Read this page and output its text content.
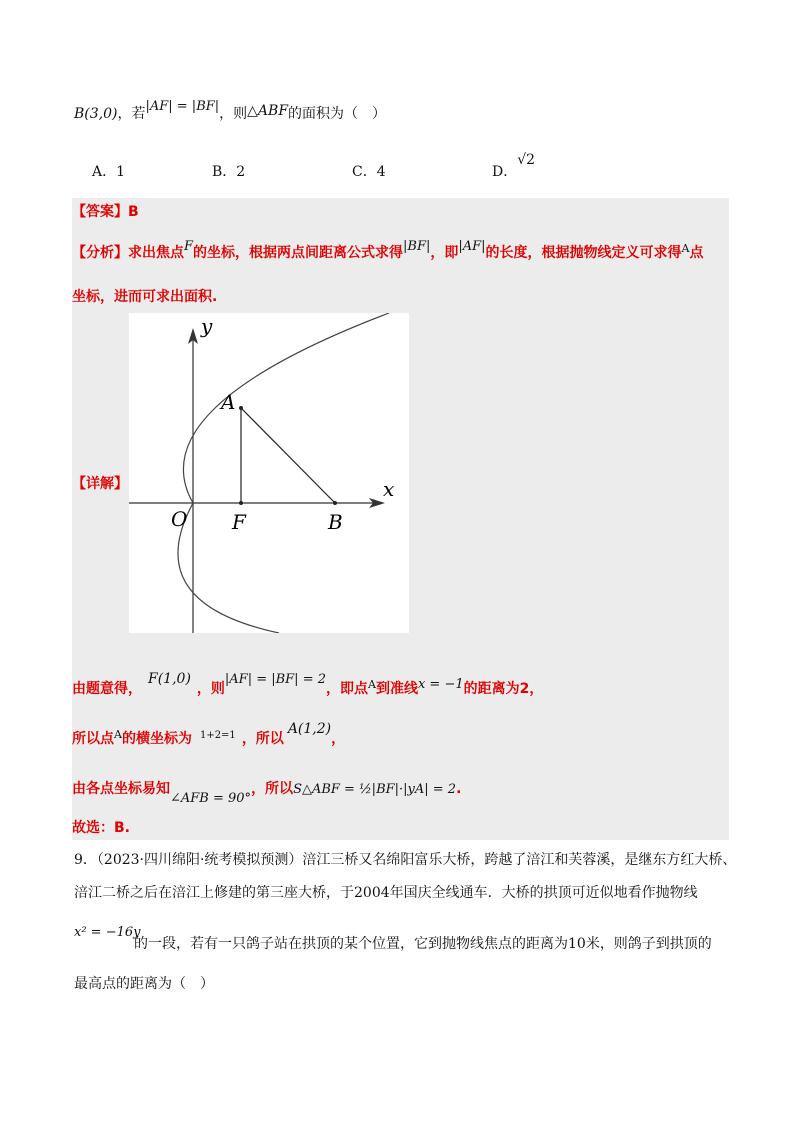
B(3,0)，若|AF| = |BF|，则△ABF的面积为（　）
A．1	B．2	C．4	D．√2
【答案】B
【分析】求出焦点F的坐标，根据两点间距离公式求得|BF|，即|AF|的长度，根据抛物线定义可求得$^A$点
坐标，进而可求出面积.
【详解】	x
y
O
A
F	B
由题意得，F(1,0)，则|AF| = |BF| = 2，即点$^A$到准线x = −1的距离为2，
所以点$^A$的横坐标为 $^{1+2=1}$ ，所以A(1,2)，
由各点坐标易知∠AFB = 90°，所以S△ABF = ½|BF|·|yA| = 2.
故选：B.
9．（2023·四川绵阳·统考模拟预测）涪江三桥又名绵阳富乐大桥，跨越了涪江和芙蓉溪，是继东方红大桥、
涪江二桥之后在涪江上修建的第三座大桥，于2004年国庆全线通车．大桥的拱顶可近似地看作抛物线
x² = −16y
的一段，若有一只鸽子站在拱顶的某个位置，它到抛物线焦点的距离为10米，则鸽子到拱顶的
最高点的距离为（　）
